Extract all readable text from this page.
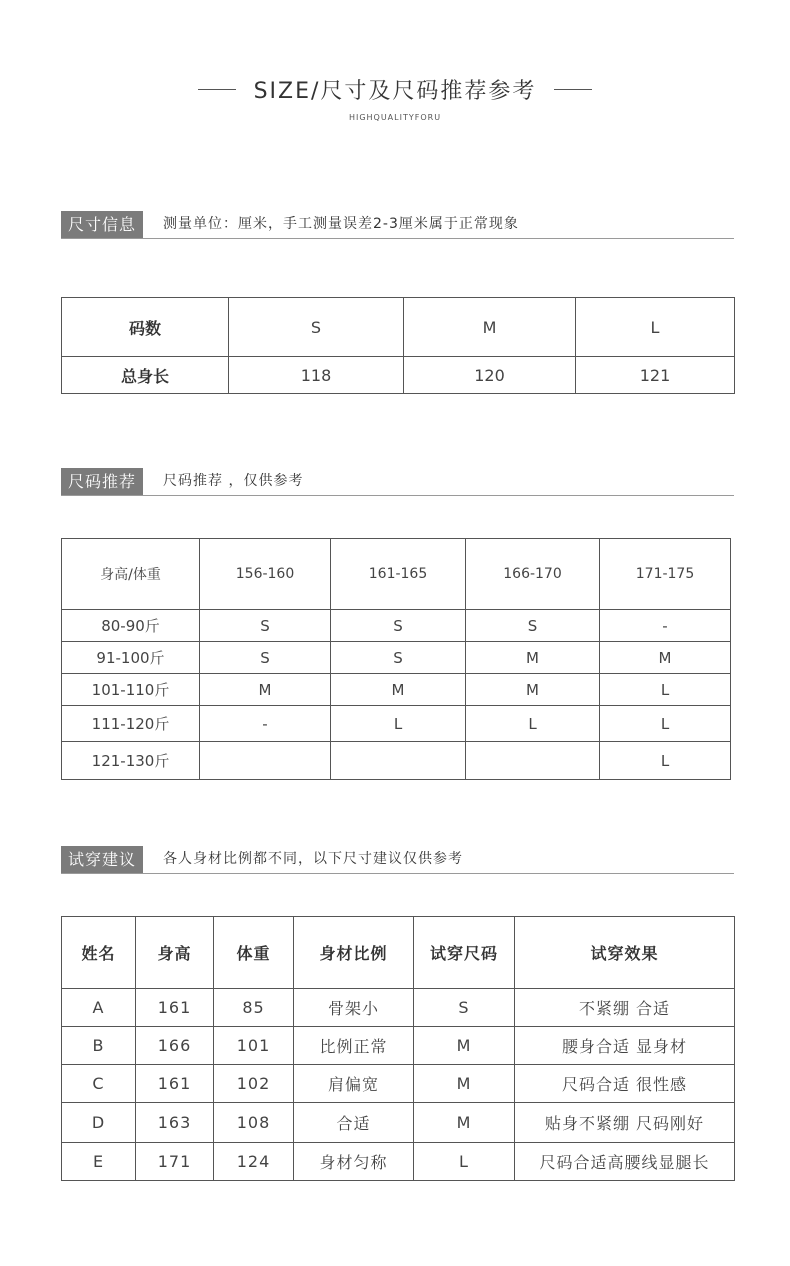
SIZE/尺寸及尺码推荐参考
HIGHQUALITYFORU
尺寸信息	测量单位：厘米，手工测量误差2-3厘米属于正常现象
码数	S	M	L
总身长	118	120	121
尺码推荐	尺码推荐 ，仅供参考
身高/体重	156-160	161-165	166-170	171-175
80-90斤	S	S	S	-
91-100斤	S	S	M	M
101-110斤	M	M	M	L
111-120斤	-	L	L	L
121-130斤				L
试穿建议	各人身材比例都不同，以下尺寸建议仅供参考
姓名	身高	体重	身材比例	试穿尺码	试穿效果
A	161	85	骨架小	S	不紧绷 合适
B	166	101	比例正常	M	腰身合适 显身材
C	161	102	肩偏宽	M	尺码合适 很性感
D	163	108	合适	M	贴身不紧绷 尺码刚好
E	171	124	身材匀称	L	尺码合适高腰线显腿长
